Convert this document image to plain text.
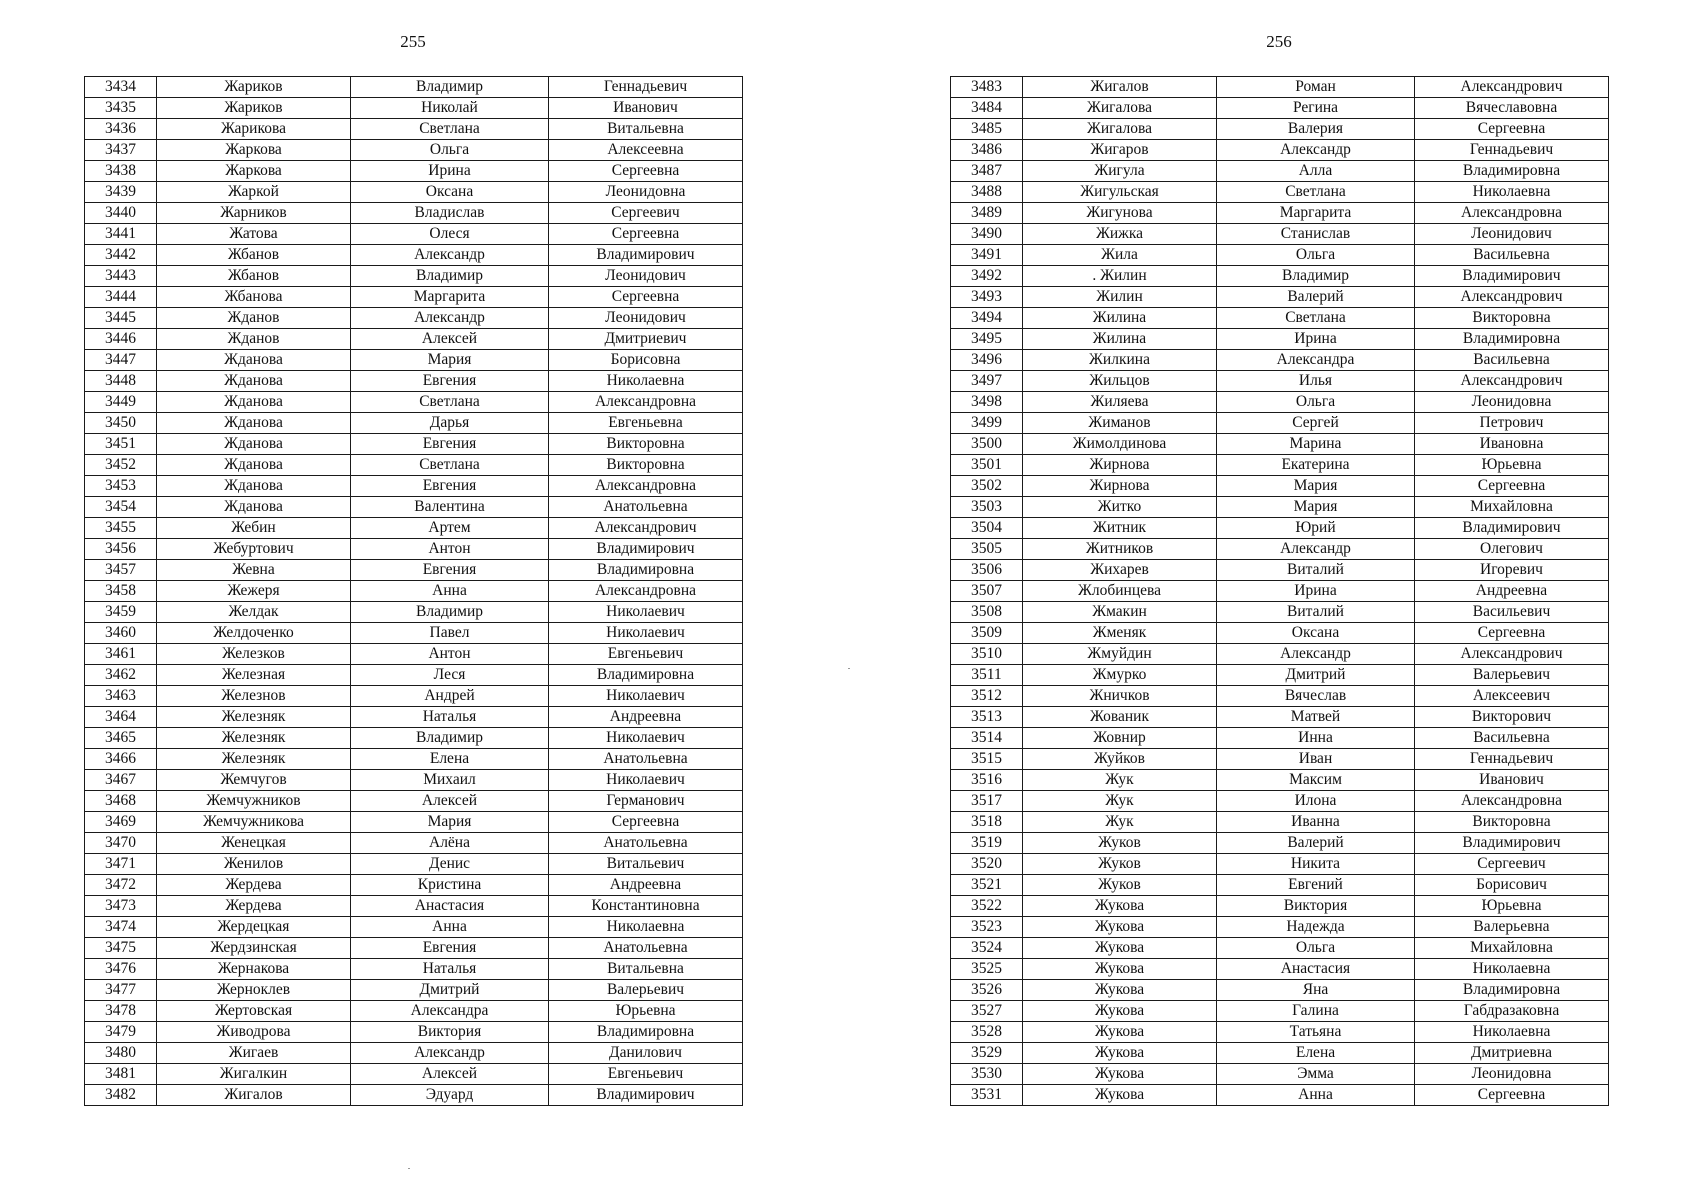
255
3434	Жариков	Владимир	Геннадьевич
3435	Жариков	Николай	Иванович
3436	Жарикова	Светлана	Витальевна
3437	Жаркова	Ольга	Алексеевна
3438	Жаркова	Ирина	Сергеевна
3439	Жаркой	Оксана	Леонидовна
3440	Жарников	Владислав	Сергеевич
3441	Жатова	Олеся	Сергеевна
3442	Жбанов	Александр	Владимирович
3443	Жбанов	Владимир	Леонидович
3444	Жбанова	Маргарита	Сергеевна
3445	Жданов	Александр	Леонидович
3446	Жданов	Алексей	Дмитриевич
3447	Жданова	Мария	Борисовна
3448	Жданова	Евгения	Николаевна
3449	Жданова	Светлана	Александровна
3450	Жданова	Дарья	Евгеньевна
3451	Жданова	Евгения	Викторовна
3452	Жданова	Светлана	Викторовна
3453	Жданова	Евгения	Александровна
3454	Жданова	Валентина	Анатольевна
3455	Жебин	Артем	Александрович
3456	Жебуртович	Антон	Владимирович
3457	Жевна	Евгения	Владимировна
3458	Жежеря	Анна	Александровна
3459	Желдак	Владимир	Николаевич
3460	Желдоченко	Павел	Николаевич
3461	Железков	Антон	Евгеньевич
3462	Железная	Леся	Владимировна
3463	Железнов	Андрей	Николаевич
3464	Железняк	Наталья	Андреевна
3465	Железняк	Владимир	Николаевич
3466	Железняк	Елена	Анатольевна
3467	Жемчугов	Михаил	Николаевич
3468	Жемчужников	Алексей	Германович
3469	Жемчужникова	Мария	Сергеевна
3470	Женецкая	Алёна	Анатольевна
3471	Женилов	Денис	Витальевич
3472	Жердева	Кристина	Андреевна
3473	Жердева	Анастасия	Константиновна
3474	Жердецкая	Анна	Николаевна
3475	Жердзинская	Евгения	Анатольевна
3476	Жернакова	Наталья	Витальевна
3477	Жерноклев	Дмитрий	Валерьевич
3478	Жертовская	Александра	Юрьевна
3479	Живодрова	Виктория	Владимировна
3480	Жигаев	Александр	Данилович
3481	Жигалкин	Алексей	Евгеньевич
3482	Жигалов	Эдуард	Владимирович
256
3483	Жигалов	Роман	Александрович
3484	Жигалова	Регина	Вячеславовна
3485	Жигалова	Валерия	Сергеевна
3486	Жигаров	Александр	Геннадьевич
3487	Жигула	Алла	Владимировна
3488	Жигульская	Светлана	Николаевна
3489	Жигунова	Маргарита	Александровна
3490	Жижка	Станислав	Леонидович
3491	Жила	Ольга	Васильевна
3492	. Жилин	Владимир	Владимирович
3493	Жилин	Валерий	Александрович
3494	Жилина	Светлана	Викторовна
3495	Жилина	Ирина	Владимировна
3496	Жилкина	Александра	Васильевна
3497	Жильцов	Илья	Александрович
3498	Жиляева	Ольга	Леонидовна
3499	Жиманов	Сергей	Петрович
3500	Жимолдинова	Марина	Ивановна
3501	Жирнова	Екатерина	Юрьевна
3502	Жирнова	Мария	Сергеевна
3503	Житко	Мария	Михайловна
3504	Житник	Юрий	Владимирович
3505	Житников	Александр	Олегович
3506	Жихарев	Виталий	Игоревич
3507	Жлобинцева	Ирина	Андреевна
3508	Жмакин	Виталий	Васильевич
3509	Жменяк	Оксана	Сергеевна
3510	Жмуйдин	Александр	Александрович
3511	Жмурко	Дмитрий	Валерьевич
3512	Жничков	Вячеслав	Алексеевич
3513	Жованик	Матвей	Викторович
3514	Жовнир	Инна	Васильевна
3515	Жуйков	Иван	Геннадьевич
3516	Жук	Максим	Иванович
3517	Жук	Илона	Александровна
3518	Жук	Иванна	Викторовна
3519	Жуков	Валерий	Владимирович
3520	Жуков	Никита	Сергеевич
3521	Жуков	Евгений	Борисович
3522	Жукова	Виктория	Юрьевна
3523	Жукова	Надежда	Валерьевна
3524	Жукова	Ольга	Михайловна
3525	Жукова	Анастасия	Николаевна
3526	Жукова	Яна	Владимировна
3527	Жукова	Галина	Габдразаковна
3528	Жукова	Татьяна	Николаевна
3529	Жукова	Елена	Дмитриевна
3530	Жукова	Эмма	Леонидовна
3531	Жукова	Анна	Сергеевна
